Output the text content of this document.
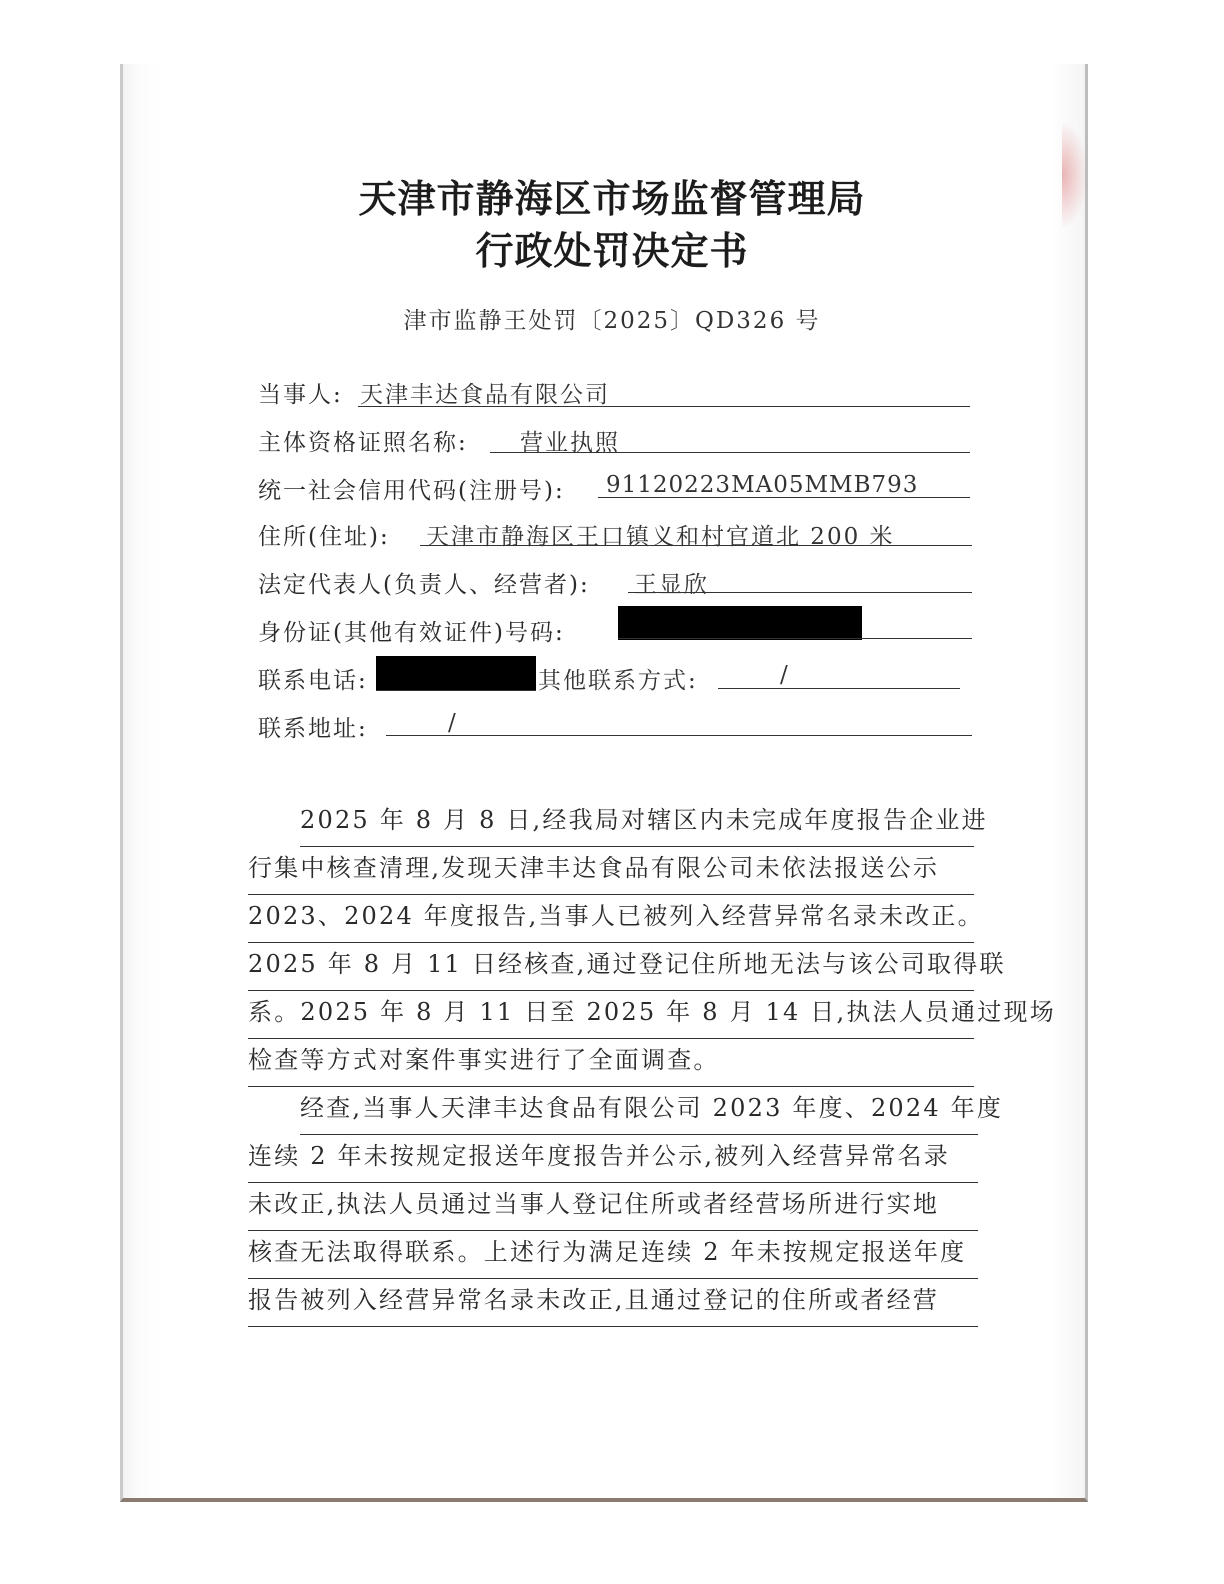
天津市静海区市场监督管理局
行政处罚决定书
津市监静王处罚〔2025〕QD326 号
当事人: 天津丰达食品有限公司
主体资格证照名称: 营业执照
统一社会信用代码(注册号): 91120223MA05MMB793
住所(住址): 天津市静海区王口镇义和村官道北 200 米
法定代表人(负责人、经营者): 王显欣
身份证(其他有效证件)号码:
联系电话:	其他联系方式:	/
联系地址:	/
2025 年 8 月 8 日,经我局对辖区内未完成年度报告企业进
行集中核查清理,发现天津丰达食品有限公司未依法报送公示
2023、2024 年度报告,当事人已被列入经营异常名录未改正。
2025 年 8 月 11 日经核查,通过登记住所地无法与该公司取得联
系。2025 年 8 月 11 日至 2025 年 8 月 14 日,执法人员通过现场
检查等方式对案件事实进行了全面调查。
经查,当事人天津丰达食品有限公司 2023 年度、2024 年度
连续 2 年未按规定报送年度报告并公示,被列入经营异常名录
未改正,执法人员通过当事人登记住所或者经营场所进行实地
核查无法取得联系。上述行为满足连续 2 年未按规定报送年度
报告被列入经营异常名录未改正,且通过登记的住所或者经营
